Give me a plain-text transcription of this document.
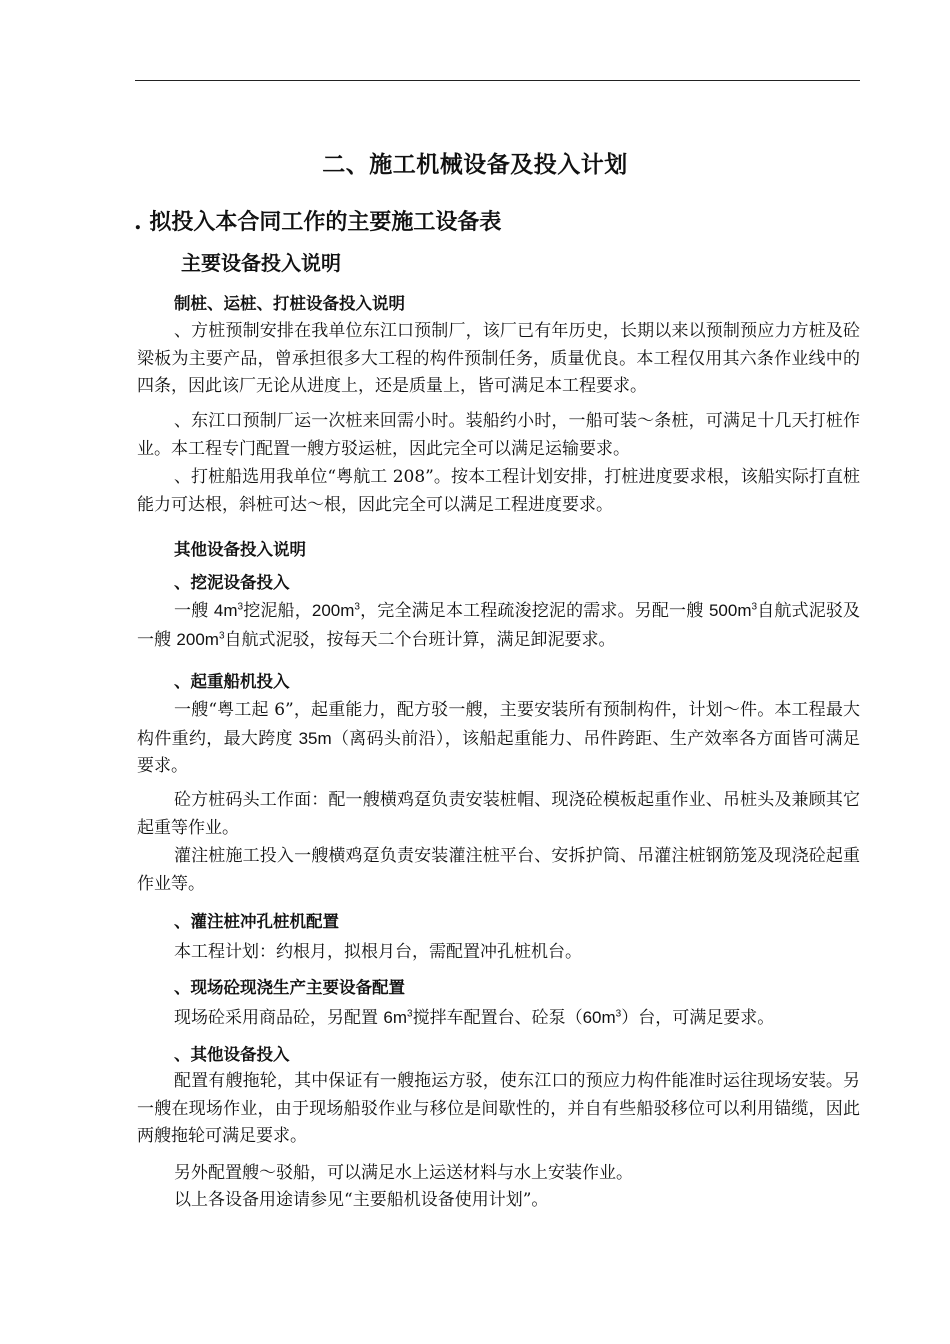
二、施工机械设备及投入计划
. 拟投入本合同工作的主要施工设备表
主要设备投入说明
制桩、运桩、打桩设备投入说明
、方桩预制安排在我单位东江口预制厂，该厂已有年历史，长期以来以预制预应力方桩及砼梁板为主要产品，曾承担很多大工程的构件预制任务，质量优良。本工程仅用其六条作业线中的四条，因此该厂无论从进度上，还是质量上，皆可满足本工程要求。
、东江口预制厂运一次桩来回需小时。装船约小时，一船可装～条桩，可满足十几天打桩作业。本工程专门配置一艘方驳运桩，因此完全可以满足运输要求。
、打桩船选用我单位“粤航工 208”。按本工程计划安排，打桩进度要求根，该船实际打直桩能力可达根，斜桩可达～根，因此完全可以满足工程进度要求。
其他设备投入说明
、挖泥设备投入
一艘 $4m^3$挖泥船，$200m^3$，完全满足本工程疏浚挖泥的需求。另配一艘 $500m^3$自航式泥驳及一艘 $200m^3$自航式泥驳，按每天二个台班计算，满足卸泥要求。
、起重船机投入
一艘“粤工起 6”，起重能力，配方驳一艘，主要安装所有预制构件，计划～件。本工程最大构件重约，最大跨度 35m（离码头前沿），该船起重能力、吊件跨距、生产效率各方面皆可满足要求。
砼方桩码头工作面：配一艘横鸡趸负责安装桩帽、现浇砼模板起重作业、吊桩头及兼顾其它起重等作业。
灌注桩施工投入一艘横鸡趸负责安装灌注桩平台、安拆护筒、吊灌注桩钢筋笼及现浇砼起重作业等。
、灌注桩冲孔桩机配置
本工程计划：约根月，拟根月台，需配置冲孔桩机台。
、现场砼现浇生产主要设备配置
现场砼采用商品砼，另配置 $6m^3$搅拌车配置台、砼泵$(60m^3)$台，可满足要求。
、其他设备投入
配置有艘拖轮，其中保证有一艘拖运方驳，使东江口的预应力构件能准时运往现场安装。另一艘在现场作业，由于现场船驳作业与移位是间歇性的，并自有些船驳移位可以利用锚缆，因此两艘拖轮可满足要求。
另外配置艘～驳船，可以满足水上运送材料与水上安装作业。
以上各设备用途请参见“主要船机设备使用计划”。
